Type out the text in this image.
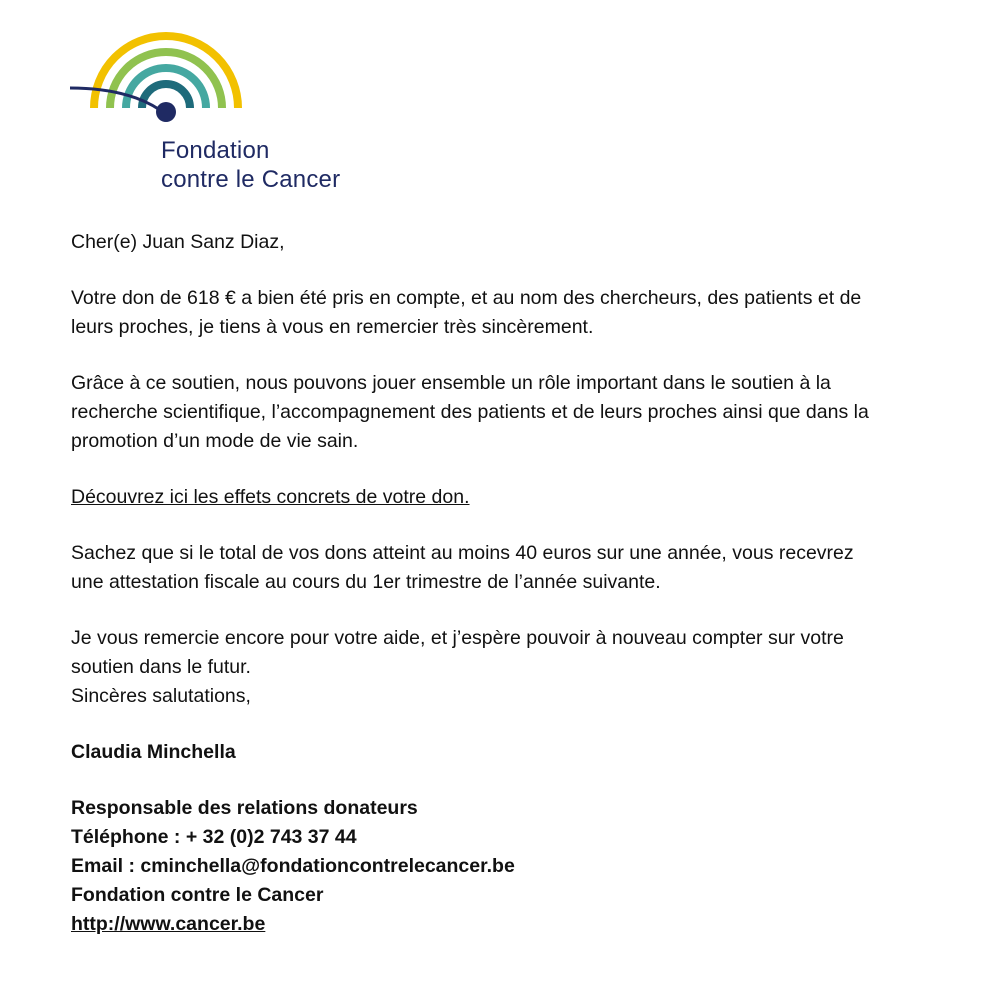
Fondation
contre le Cancer

Cher(e) Juan Sanz Diaz,

Votre don de 618 € a bien été pris en compte, et au nom des chercheurs, des patients et de

leurs proches, je tiens à vous en remercier très sincèrement.

Grâce à ce soutien, nous pouvons jouer ensemble un rôle important dans le soutien à la

recherche scientifique, l’accompagnement des patients et de leurs proches ainsi que dans la

promotion d’un mode de vie sain.

Découvrez ici les effets concrets de votre don.

Sachez que si le total de vos dons atteint au moins 40 euros sur une année, vous recevrez

une attestation fiscale au cours du 1er trimestre de l’année suivante.

Je vous remercie encore pour votre aide, et j’espère pouvoir à nouveau compter sur votre

soutien dans le futur.

Sincères salutations,

Claudia Minchella

Responsable des relations donateurs

Téléphone : + 32 (0)2 743 37 44

Email : cminchella@fondationcontrelecancer.be

Fondation contre le Cancer

http://www.cancer.be
